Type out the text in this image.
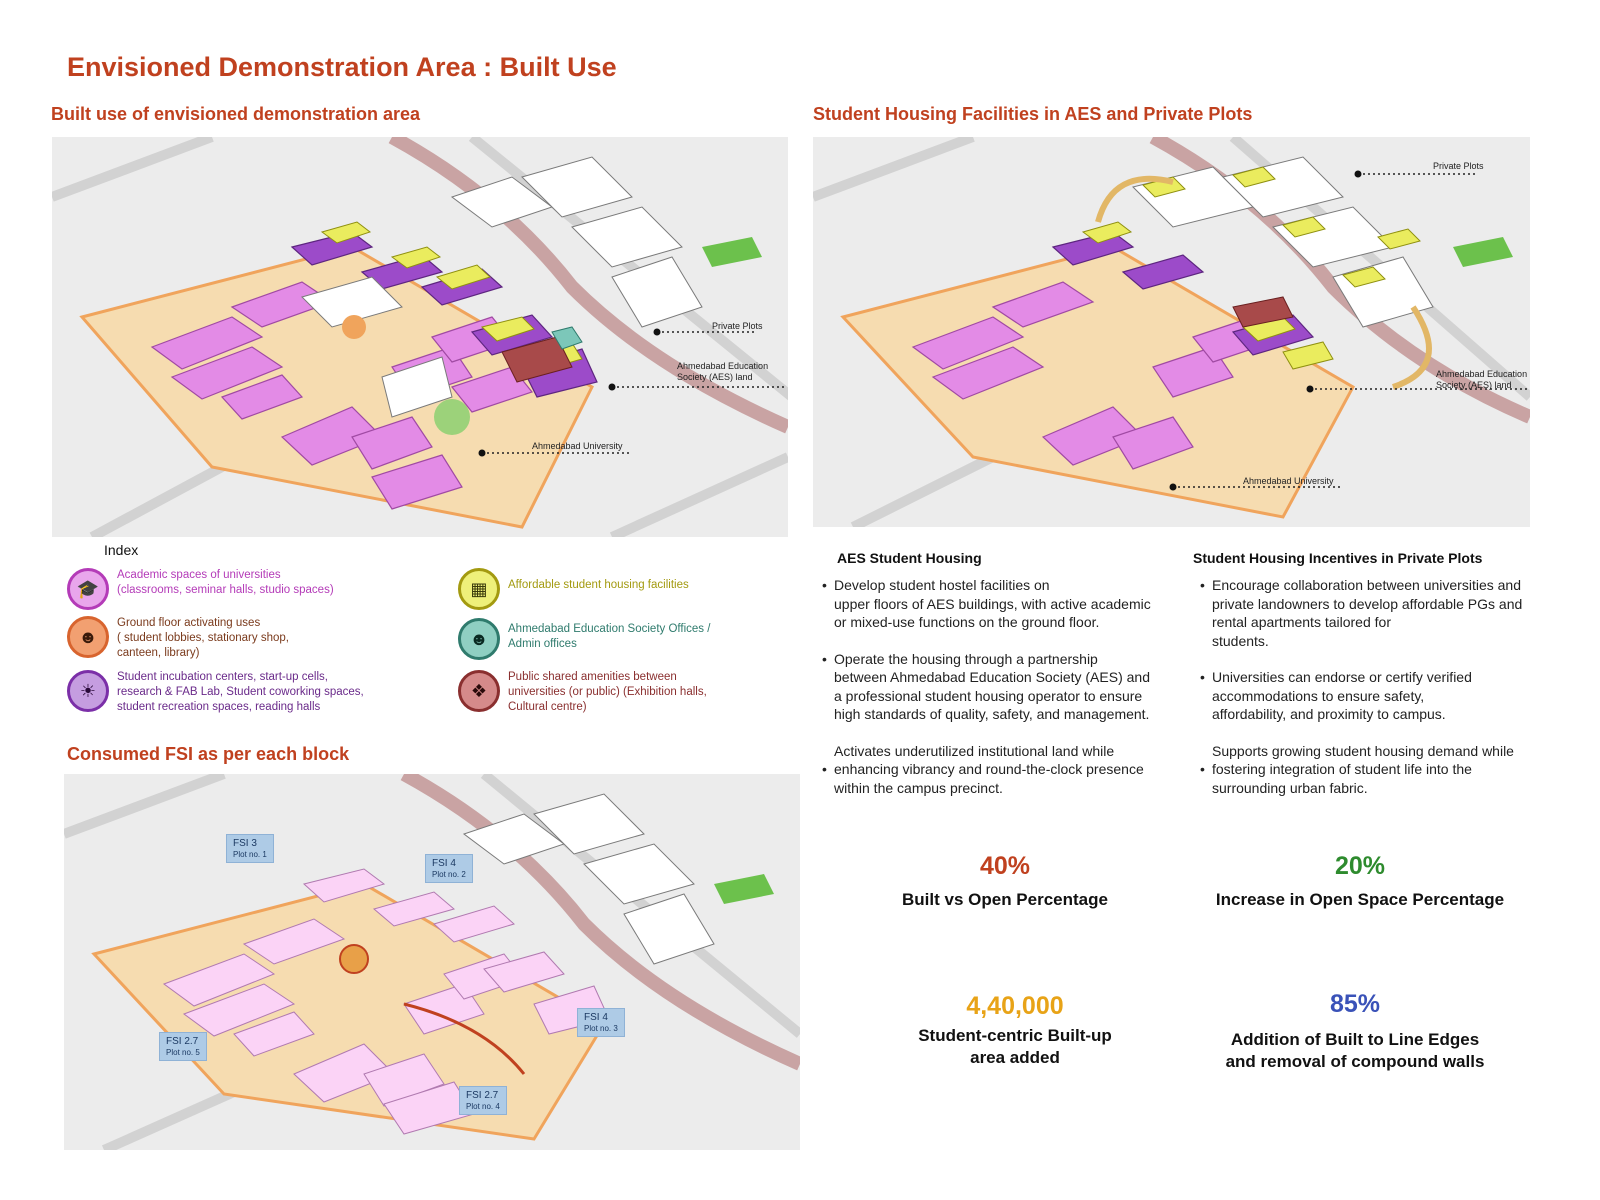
Envisioned Demonstration Area : Built Use
Built use of envisioned demonstration area	Student Housing Facilities in AES and Private Plots
Consumed FSI as per each block
Private Plots
Ahmedabad Education
Society (AES) land
Ahmedabad University
Private Plots
Ahmedabad Education
Society (AES) land
Ahmedabad University
Index
🎓
Academic spaces of universities
(classrooms, seminar halls, studio spaces)
☻
Ground floor activating uses
( student lobbies, stationary shop,
canteen, library)
☀
Student incubation centers, start-up cells,
research & FAB Lab, Student coworking spaces,
student recreation spaces, reading halls
▦ Affordable student housing facilities
☻ Ahmedabad Education Society Offices /
Admin offices
❖
Public shared amenities between
universities (or public) (Exhibition halls,
Cultural centre)
FSI 3
Plot no. 1
FSI 4
Plot no. 2
FSI 4
Plot no. 3
FSI 2.7
Plot no. 5
FSI 2.7
Plot no. 4
AES Student Housing
• Develop student hostel facilities on
upper floors of AES buildings, with active academic
or mixed-use functions on the ground floor.
• Operate the housing through a partnership
between Ahmedabad Education Society (AES) and
a professional student housing operator to ensure
high standards of quality, safety, and management.
•
Activates underutilized institutional land while
enhancing vibrancy and round-the-clock presence
within the campus precinct.
Student Housing Incentives in Private Plots
• Encourage collaboration between universities and
private landowners to develop affordable PGs and
rental apartments tailored for
students.
• Universities can endorse or certify verified
accommodations to ensure safety,
affordability, and proximity to campus.
•
Supports growing student housing demand while
fostering integration of student life into the
surrounding urban fabric.
40%
Built vs Open Percentage
20%
Increase in Open Space Percentage
4,40,000
Student-centric Built-up
area added
85%
Addition of Built to Line Edges
and removal of compound walls
